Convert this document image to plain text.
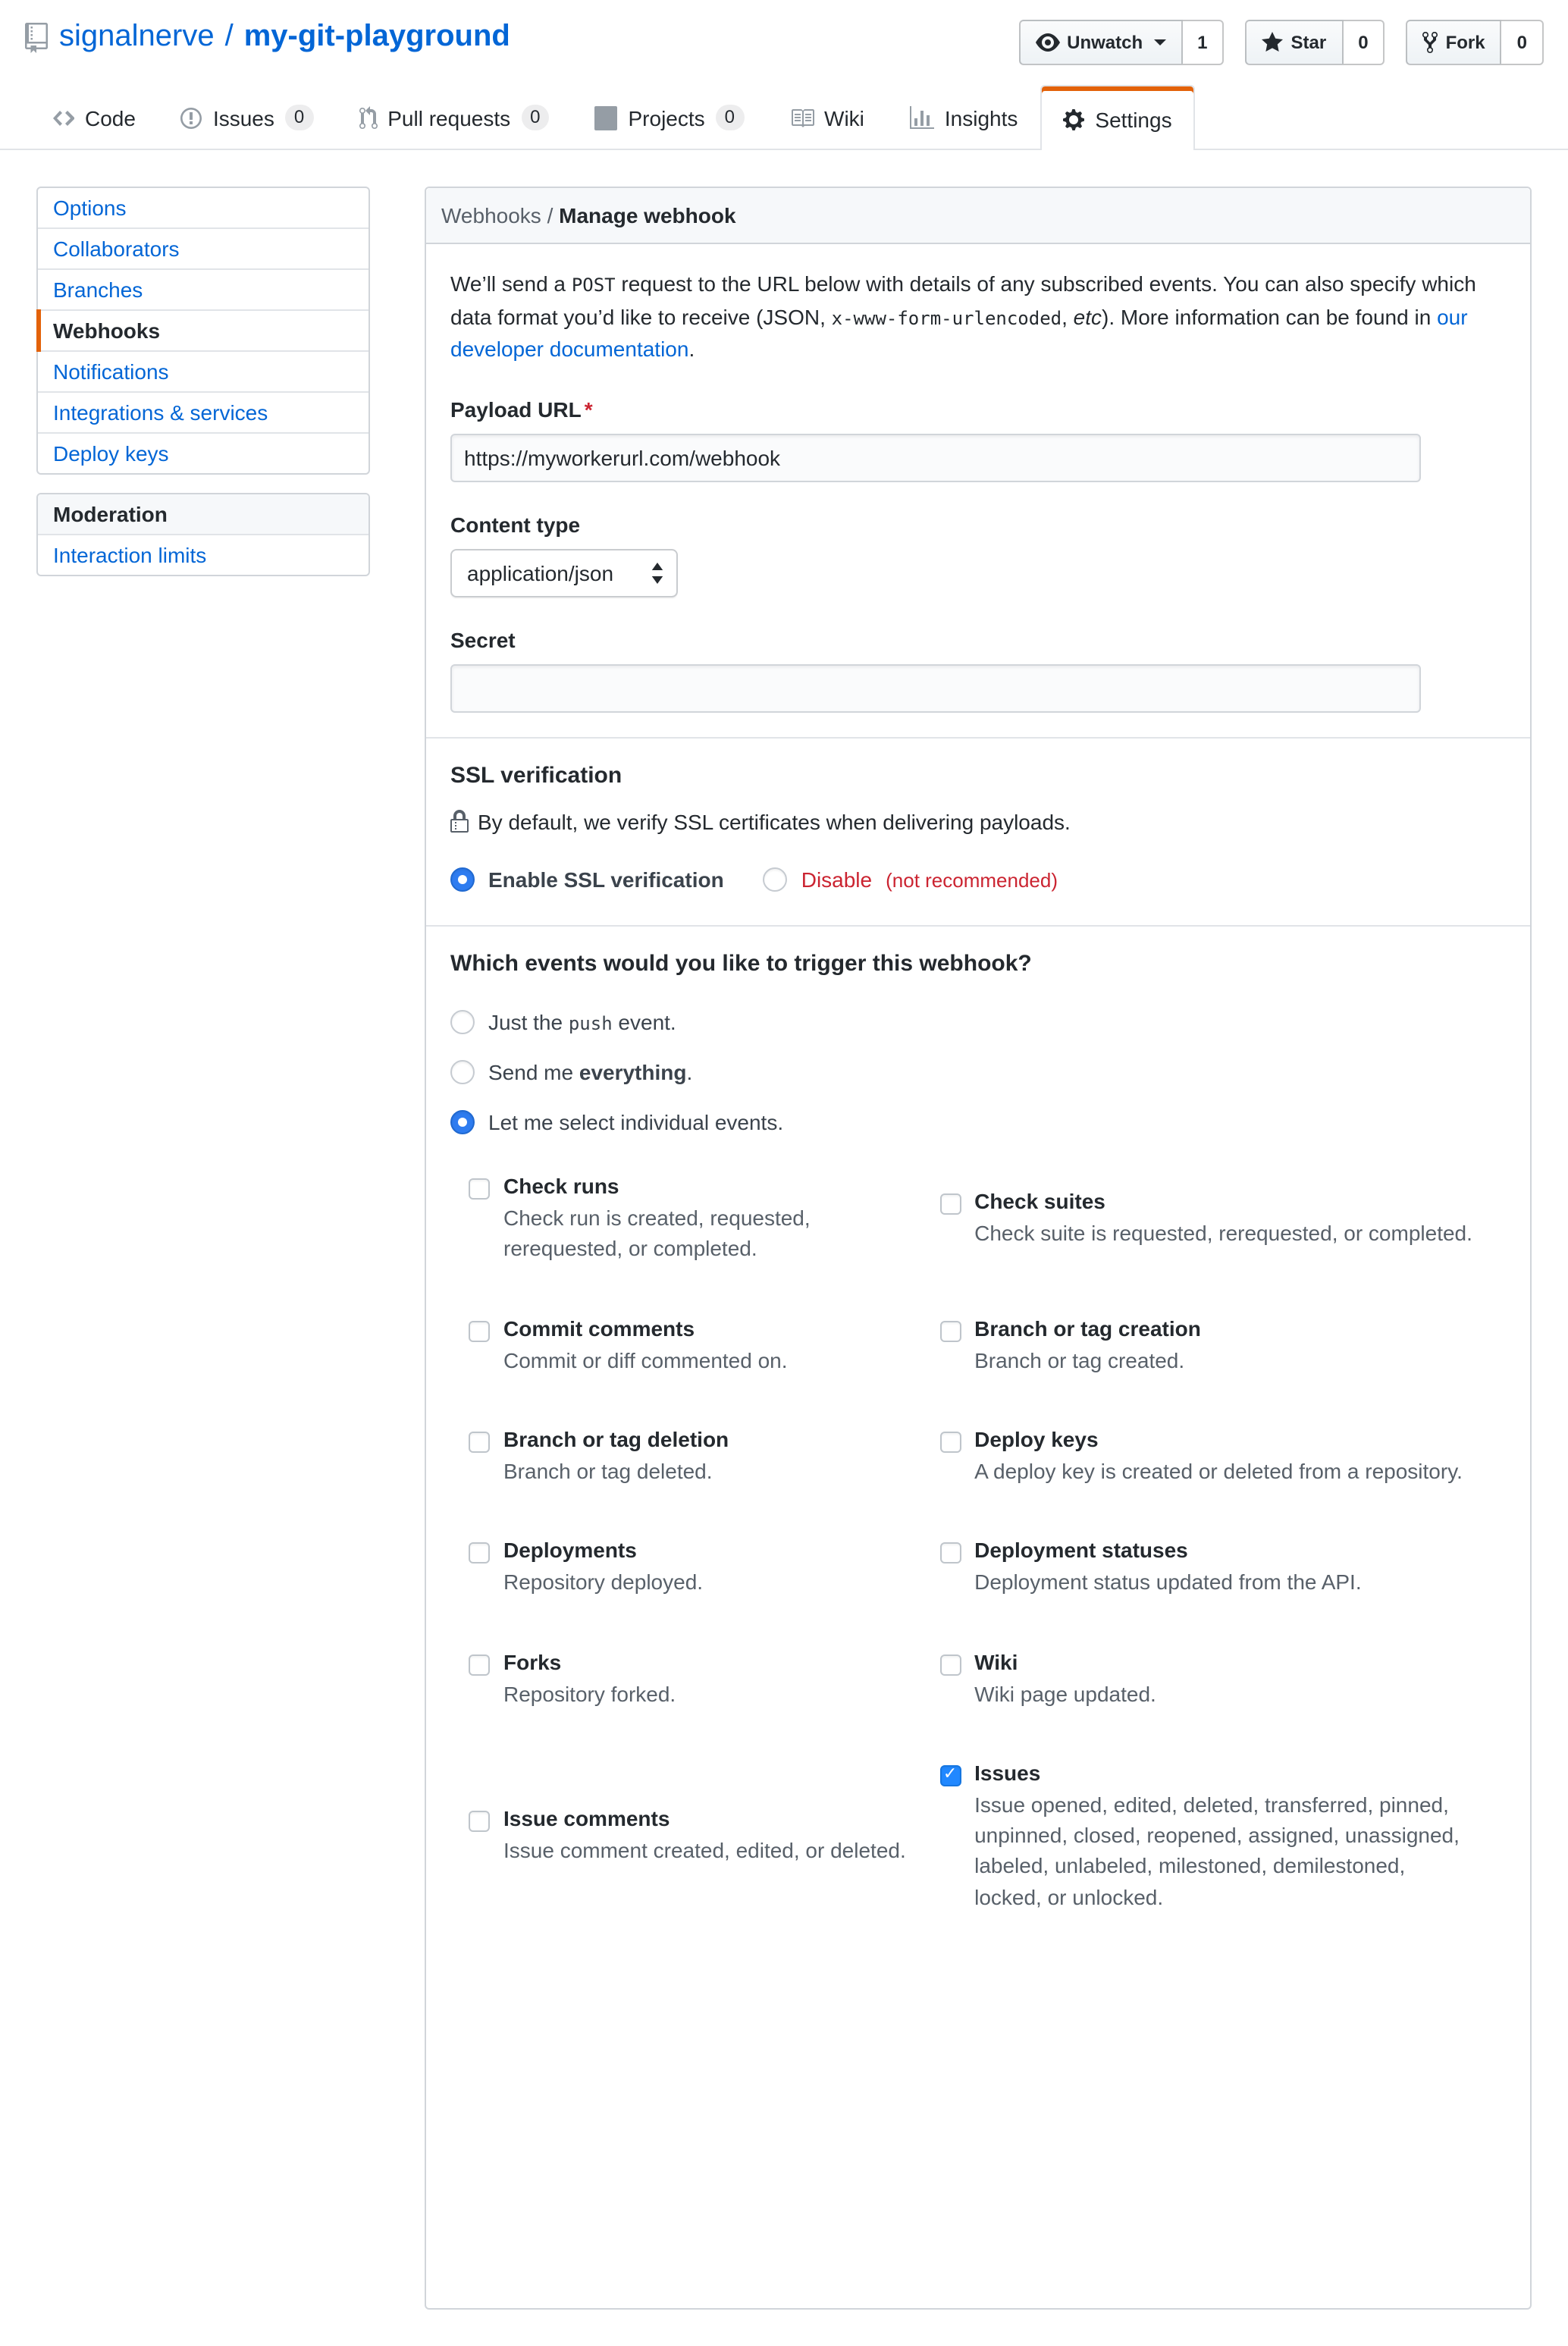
signalnerve / my-git-playground	Unwatch	1	Star	0	Fork	0
Code	Issues	0	Pull requests	0	Projects	0	Wiki	Insights	Settings
Options
Collaborators
Branches
Webhooks
Notifications
Integrations & services
Deploy keys
Moderation
Interaction limits
Webhooks / Manage webhook

We’ll send a POST request to the URL below with details of any subscribed events. You can also specify which data format you’d like to receive (JSON, x-www-form-urlencoded, etc). More information can be found in our developer documentation.

Payload URL *
https://myworkerurl.com/webhook
Content type
application/json
Secret
SSL verification

By default, we verify SSL certificates when delivering payloads.

Enable SSL verification	Disable (not recommended)
Which events would you like to trigger this webhook?
Just the push event.
Send me everything.
Let me select individual events.
Check runs
Check run is created, requested, rerequested, or completed.

Check suites
Check suite is requested, rerequested, or completed.

Commit comments
Commit or diff commented on.

Branch or tag creation
Branch or tag created.

Branch or tag deletion
Branch or tag deleted.

Deploy keys
A deploy key is created or deleted from a repository.

Deployments
Repository deployed.

Deployment statuses
Deployment status updated from the API.

Forks
Repository forked.

Wiki
Wiki page updated.

Issue comments
Issue comment created, edited, or deleted.

✓
Issues
Issue opened, edited, deleted, transferred, pinned, unpinned, closed, reopened, assigned, unassigned, labeled, unlabeled, milestoned, demilestoned, locked, or unlocked.
